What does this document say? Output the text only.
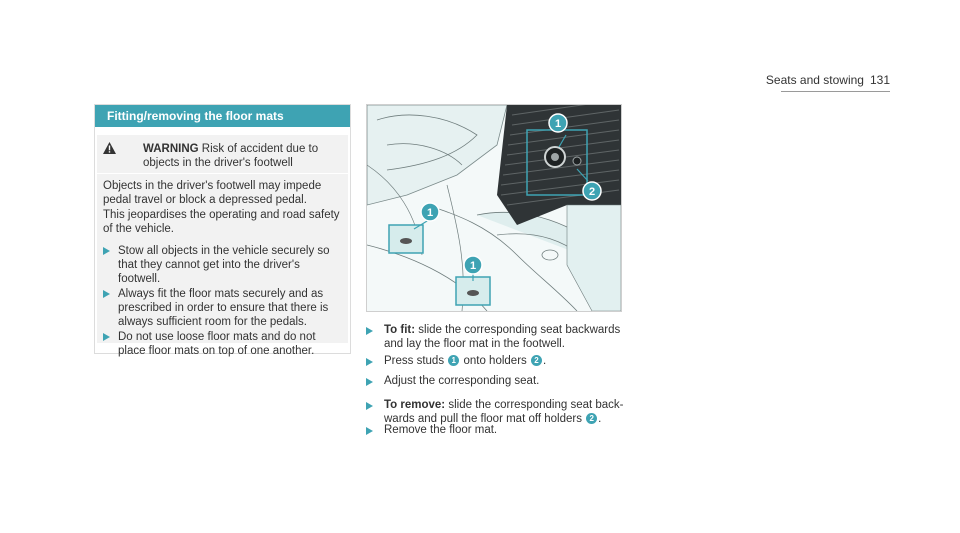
Seats and stowing 131
Fitting/removing the floor mats
WARNING Risk of accident due to objects in the driver's footwell
Objects in the driver's footwell may impede pedal travel or block a depressed pedal.
This jeopardises the operating and road safety of the vehicle.
Stow all objects in the vehicle securely so that they cannot get into the driver's footwell.
Always fit the floor mats securely and as prescribed in order to ensure that there is always sufficient room for the pedals.
Do not use loose floor mats and do not place floor mats on top of one another.
1
2
1
1
To fit: slide the corresponding seat backwards and lay the floor mat in the footwell.
Press studs 1 onto holders 2 .
Adjust the corresponding seat.
To remove: slide the corresponding seat back-wards and pull the floor mat off holders 2 .
Remove the floor mat.
